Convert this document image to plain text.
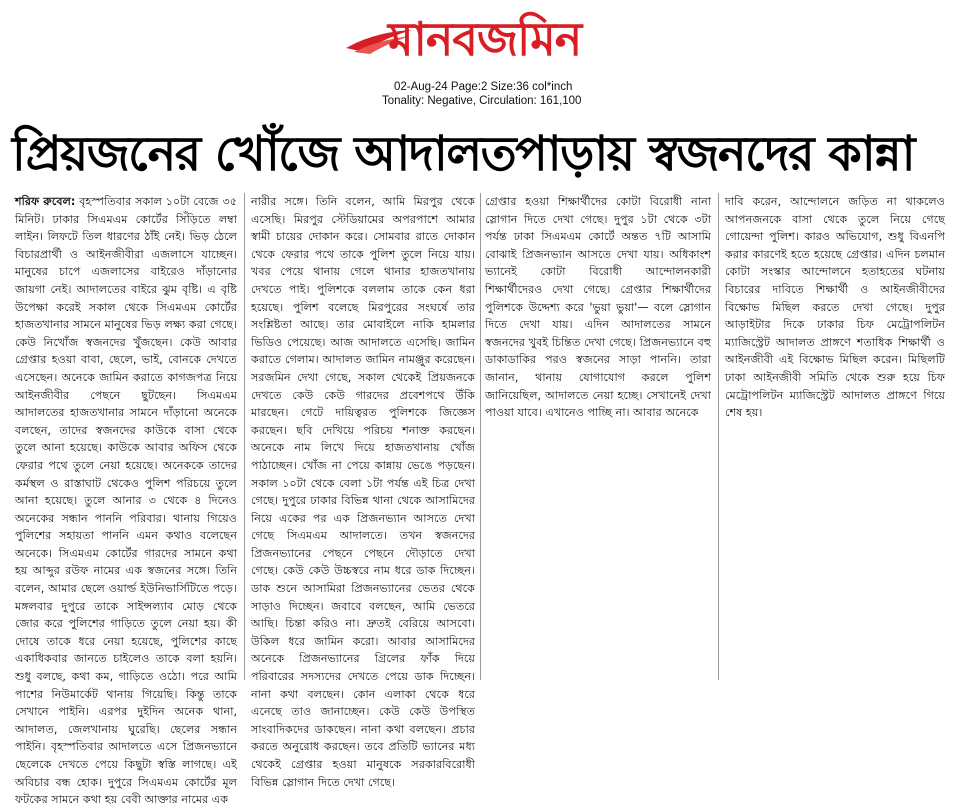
মানবজমিন
02-Aug-24 Page:2 Size:36 col*inch
Tonality: Negative, Circulation: 161,100
প্রিয়জনের খোঁজে আদালতপাড়ায় স্বজনদের কান্না
শরিফ রুবেল: বৃহস্পতিবার সকাল ১০টা বেজে ৩৫ মিনিট। ঢাকার সিএমএম কোর্টের সিঁড়িতে লম্বা লাইন। লিফটে তিল ধারণের ঠাঁই নেই। ভিড় ঠেলে বিচারপ্রার্থী ও আইনজীবীরা এজলাসে যাচ্ছেন। মানুষের চাপে এজলাসের বাইরেও দাঁড়ানোর জায়গা নেই। আদালতের বাইরে ঝুম বৃষ্টি। এ বৃষ্টি উপেক্ষা করেই সকাল থেকে সিএমএম কোর্টের হাজতখানার সামনে মানুষের ভিড় লক্ষ্য করা গেছে। কেউ নিখোঁজ স্বজনদের খুঁজছেন। কেউ আবার গ্রেপ্তার হওয়া বাবা, ছেলে, ভাই, বোনকে দেখতে এসেছেন। অনেকে জামিন করাতে কাগজপত্র নিয়ে আইনজীবীর পেছনে ছুটছেন। সিএমএম আদালতের হাজতখানার সামনে দাঁড়ানো অনেকে বলছেন, তাদের স্বজনদের কাউকে বাসা থেকে তুলে আনা হয়েছে। কাউকে আবার অফিস থেকে ফেরার পথে তুলে নেয়া হয়েছে। অনেককে তাদের কর্মস্থল ও রাস্তাঘাট থেকেও পুলিশ পরিচয়ে তুলে আনা হয়েছে। তুলে আনার ৩ থেকে ৪ দিনেও অনেকের সন্ধান পাননি পরিবার। থানায় গিয়েও পুলিশের সহায়তা পাননি এমন কথাও বলেছেন অনেকে। সিএমএম কোর্টের গারদের সামনে কথা হয় আব্দুর রউফ নামের এক স্বজনের সঙ্গে। তিনি বলেন, আমার ছেলে ওয়ার্ল্ড ইউনিভার্সিটিতে পড়ে। মঙ্গলবার দুপুরে তাকে সাইন্সল্যাব মোড় থেকে জোর করে পুলিশের গাড়িতে তুলে নেয়া হয়। কী দোষে তাকে ধরে নেয়া হয়েছে, পুলিশের কাছে একাধিকবার জানতে চাইলেও তাকে বলা হয়নি। শুধু বলছে, কথা কম, গাড়িতে ওঠো। পরে আমি পাশের নিউমার্কেট থানায় গিয়েছি। কিন্তু তাকে সেখানে পাইনি। এরপর দুইদিন অনেক থানা, আদালত, জেলখানায় ঘুরেছি। ছেলের সন্ধান পাইনি। বৃহস্পতিবার আদালতে এসে প্রিজনভ্যানে ছেলেকে দেখতে পেয়ে কিছুটা স্বস্তি লাগছে। এই অবিচার বন্ধ হোক। দুপুরে সিএমএম কোর্টের মূল ফটকের সামনে কথা হয় বেবী আক্তার নামের এক
নারীর সঙ্গে। তিনি বলেন, আমি মিরপুর থেকে এসেছি। মিরপুর স্টেডিয়ামের অপরপাশে আমার স্বামী চায়ের দোকান করে। সোমবার রাতে দোকান থেকে ফেরার পথে তাকে পুলিশ তুলে নিয়ে যায়। খবর পেয়ে থানায় গেলে থানার হাজতখানায় দেখতে পাই। পুলিশকে বললাম তাকে কেন ধরা হয়েছে। পুলিশ বলেছে মিরপুরের সংঘর্ষে তার সংশ্লিষ্টতা আছে। তার মোবাইলে নাকি হামলার ভিডিও পেয়েছে। আজ আদালতে এসেছি। জামিন করাতে গেলাম। আদালত জামিন নামঞ্জুর করেছেন। সরজমিন দেখা গেছে, সকাল থেকেই প্রিয়জনকে দেখতে কেউ কেউ গারদের প্রবেশপথে উঁকি মারছেন। গেটে দায়িত্বরত পুলিশকে জিজ্ঞেস করছেন। ছবি দেখিয়ে পরিচয় শনাক্ত করছেন। অনেকে নাম লিখে দিয়ে হাজতখানায় খোঁজ পাঠাচ্ছেন। খোঁজ না পেয়ে কান্নায় ভেঙে পড়ছেন। সকাল ১০টা থেকে বেলা ১টা পর্যন্ত এই চিত্র দেখা গেছে। দুপুরে ঢাকার বিভিন্ন থানা থেকে আসামিদের নিয়ে একের পর এক প্রিজনভ্যান আসতে দেখা গেছে সিএমএম আদালতে। তখন স্বজনদের প্রিজনভ্যানের পেছনে পেছনে দৌড়াতে দেখা গেছে। কেউ কেউ উচ্চস্বরে নাম ধরে ডাক দিচ্ছেন। ডাক শুনে আসামিরা প্রিজনভ্যানের ভেতর থেকে সাড়াও দিচ্ছেন। জবাবে বলছেন, আমি ভেতরে আছি। চিন্তা করিও না। দ্রুতই বেরিয়ে আসবো। উকিল ধরে জামিন করো। আবার আসামিদের অনেকে প্রিজনভ্যানের গ্রিলের ফাঁক দিয়ে পরিবারের সদস্যদের দেখতে পেয়ে ডাক দিচ্ছেন। নানা কথা বলছেন। কোন এলাকা থেকে ধরে এনেছে তাও জানাচ্ছেন। কেউ কেউ উপস্থিত সাংবাদিকদের ডাকছেন। নানা কথা বলছেন। প্রচার করতে অনুরোধ করছেন। তবে প্রতিটি ভ্যানের মধ্য থেকেই গ্রেপ্তার হওয়া মানুষকে সরকারবিরোধী বিভিন্ন স্লোগান দিতে দেখা গেছে।
গ্রেপ্তার হওয়া শিক্ষার্থীদের কোটা বিরোধী নানা স্লোগান দিতে দেখা গেছে। দুপুর ১টা থেকে ৩টা পর্যন্ত ঢাকা সিএমএম কোর্টে অন্তত ৭টি আসামি বোঝাই প্রিজনভ্যান আসতে দেখা যায়। অধিকাংশ ভ্যানেই কোটা বিরোধী আন্দোলনকারী শিক্ষার্থীদেরও দেখা গেছে। গ্রেপ্তার শিক্ষার্থীদের পুলিশকে উদ্দেশ্য করে 'ভুয়া ভুয়া'— বলে স্লোগান দিতে দেখা যায়। এদিন আদালতের সামনে স্বজনদের খুবই চিন্তিত দেখা গেছে। প্রিজনভ্যানে বহু ডাকাডাকির পরও স্বজনের সাড়া পাননি। তারা জানান, থানায় যোগাযোগ করলে পুলিশ জানিয়েছিল, আদালতে নেয়া হচ্ছে। সেখানেই দেখা পাওয়া যাবে। এখানেও পাচ্ছি না। আবার অনেকে
দাবি করেন, আন্দোলনে জড়িত না থাকলেও আপনজনকে বাসা থেকে তুলে নিয়ে গেছে গোয়েন্দা পুলিশ। কারও অভিযোগ, শুধু বিএনপি করার কারণেই হতে হয়েছে গ্রেপ্তার। এদিন চলমান কোটা সংস্কার আন্দোলনে হতাহতের ঘটনায় বিচারের দাবিতে শিক্ষার্থী ও আইনজীবীদের বিক্ষোভ মিছিল করতে দেখা গেছে। দুপুর আড়াইটার দিকে ঢাকার চিফ মেট্রোপলিটন ম্যাজিস্ট্রেট আদালত প্রাঙ্গণে শতাধিক শিক্ষার্থী ও আইনজীবী এই বিক্ষোভ মিছিল করেন। মিছিলটি ঢাকা আইনজীবী সমিতি থেকে শুরু হয়ে চিফ মেট্রোপলিটন ম্যাজিস্ট্রেট আদালত প্রাঙ্গণে গিয়ে শেষ হয়।
